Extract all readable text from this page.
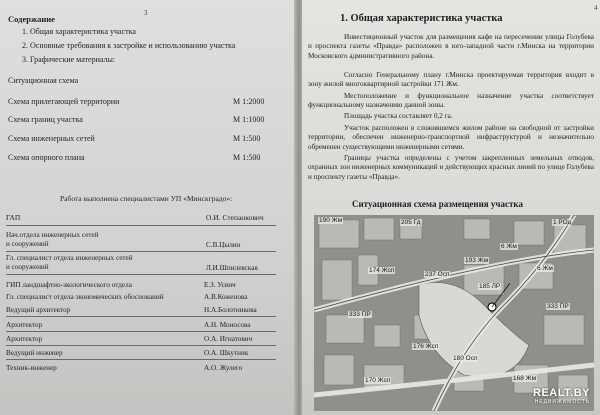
3
Содержание
1. Общая характеристика участка
2. Основные требования к застройке и использованию участка
3. Графические материалы:
Ситуационная схема
Схема прилегающей территории	М 1:2000
Схема границ участка	М 1:1000
Схема инженерных сетей	М 1:500
Схема опорного плана	М 1:500
Работа выполнена специалистами УП «Минскградо»:
ГАП	О.И. Степанкович
Нач.отдела инженерных сетей
и сооружений	С.В.Цылин
Гл. специалист отдела инженерных сетей
и сооружений	Л.И.Шпилевская
ГИП ландшафтно-экологического отдела	Е.З. Усвич
Гл. специалист отдела экономических обоснований	А.В.Коженова
Ведущий архитектор	Н.А.Болотникова
Архитектор	А.Н. Моносова
Архитектор	О.А. Игнатович
Ведущий инженер	О.А. Шкутник
Техник-инженер	А.О. Жулего
4
1. Общая характеристика участка
Инвестиционный участок для размещения кафе на пересечении улицы Голубева и проспекта газеты «Правда» расположен в юго-западной части г.Минска на территории Московского административного района.
Согласно Генеральному плану г.Минска проектируемая территория входит в зону жилой многоквартирной застройки 171 Жм.
Местоположение и функциональное назначение участка соответствует функциональному назначению данной зоны.
Площадь участка составляет 0,2 га.
Участок расположен в сложившемся жилом районе на свободной от застройки территории, обеспечен инженерно-транспортной инфраструктурой и незначительно обременен существующими инженерными сетями.
Границы участка определены с учетом закрепленных земельных отводов, охранных зон инженерных коммуникаций и действующих красных линий по улице Голубева и проспекту газеты «Правда».
Ситуационная схема размещения участка
190 Жм	205 Гд
174 Жсп
237 Осп
193 Жм
185 ЛР
333 ПР
176 Жсп
180 Осп
170 Жсп	168 Жм
6 Жм
6 Жм
333 ПР
1 РОд
REALT.BY
НЕДВИЖИМОСТЬ
